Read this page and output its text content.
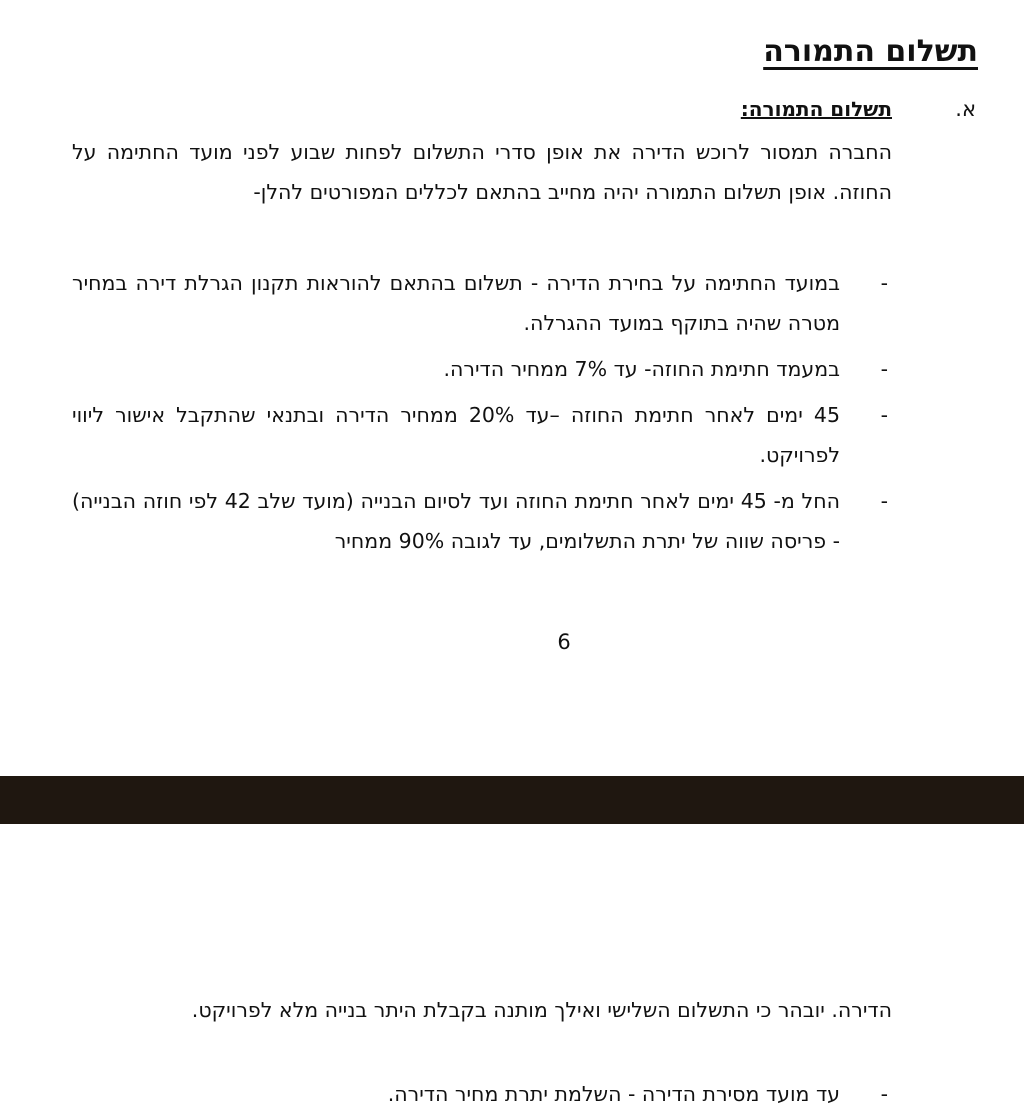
תשלום התמורה
א.
תשלום התמורה:

החברה תמסור לרוכש הדירה את אופן סדרי התשלום לפחות שבוע לפני מועד החתימה על החוזה. אופן תשלום התמורה יהיה מחייב בהתאם לכללים המפורטים להלן-

-
במועד החתימה על בחירת הדירה - תשלום בהתאם להוראות תקנון הגרלת דירה במחיר מטרה שהיה בתוקף במועד ההגרלה.
-
במעמד חתימת החוזה- עד 7% ממחיר הדירה.
-
45 ימים לאחר חתימת החוזה –עד 20% ממחיר הדירה ובתנאי שהתקבל אישור ליווי לפרויקט.
-
החל מ- 45 ימים לאחר חתימת החוזה ועד לסיום הבנייה (מועד שלב 42 לפי חוזה הבנייה) - פריסה שווה של יתרת התשלומים, עד לגובה 90% ממחיר
6

הדירה. יובהר כי התשלום השלישי ואילך מותנה בקבלת היתר בנייה מלא לפרויקט.

-
עד מועד מסירת הדירה - השלמת יתרת מחיר הדירה.
